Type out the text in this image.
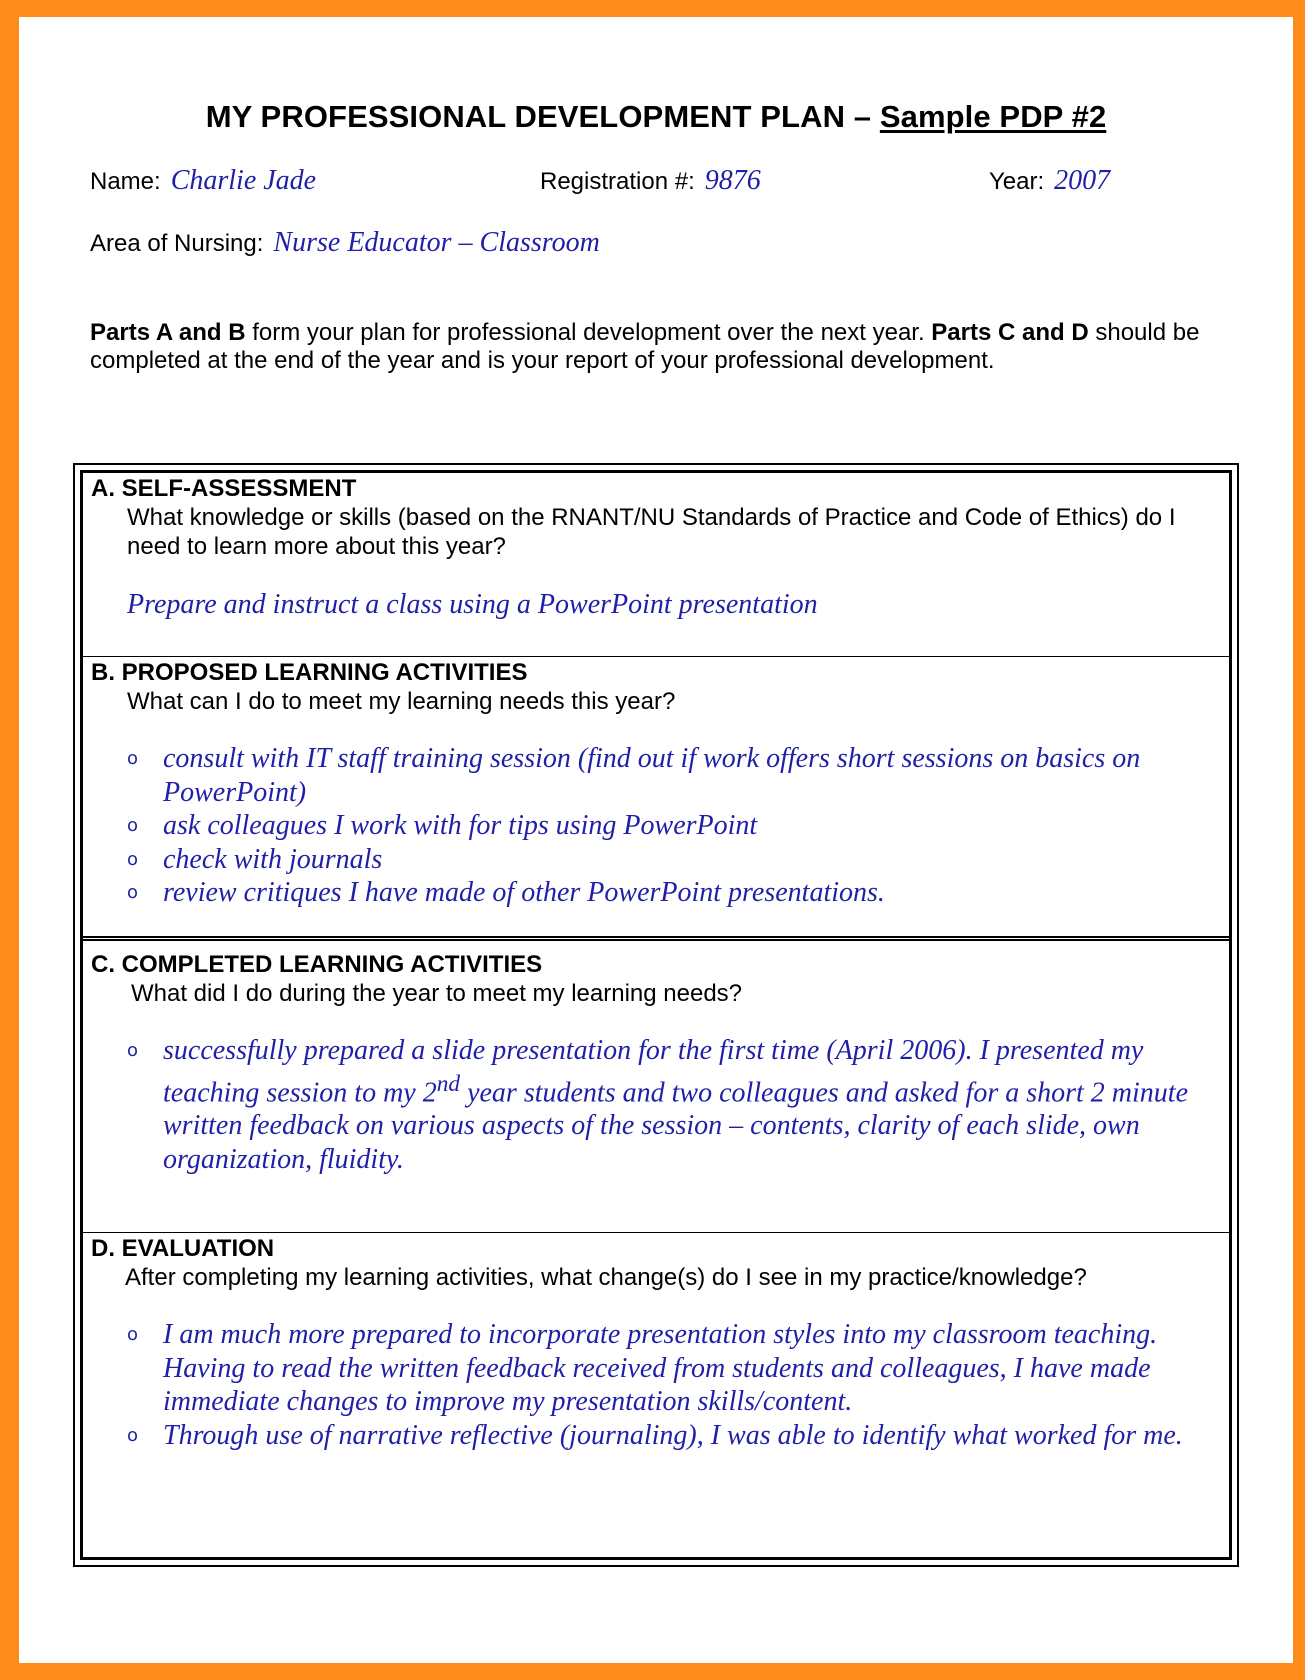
MY PROFESSIONAL DEVELOPMENT PLAN – Sample PDP #2
Name: Charlie Jade	Registration #: 9876	Year: 2007
Area of Nursing: Nurse Educator – Classroom
Parts A and B form your plan for professional development over the next year. Parts C and D should be completed at the end of the year and is your report of your professional development.
A. SELF-ASSESSMENT
What knowledge or skills (based on the RNANT/NU Standards of Practice and Code of Ethics) do I need to learn more about this year?
Prepare and instruct a class using a PowerPoint presentation
B. PROPOSED LEARNING ACTIVITIES
What can I do to meet my learning needs this year?
o consult with IT staff training session (find out if work offers short sessions on basics on PowerPoint)
o ask colleagues I work with for tips using PowerPoint
o check with journals
o review critiques I have made of other PowerPoint presentations.
C. COMPLETED LEARNING ACTIVITIES
What did I do during the year to meet my learning needs?
o successfully prepared a slide presentation for the first time (April 2006). I presented my teaching session to my 2nd year students and two colleagues and asked for a short 2 minute written feedback on various aspects of the session – contents, clarity of each slide, own organization, fluidity.
D. EVALUATION
After completing my learning activities, what change(s) do I see in my practice/knowledge?
o I am much more prepared to incorporate presentation styles into my classroom teaching. Having to read the written feedback received from students and colleagues, I have made immediate changes to improve my presentation skills/content.
o Through use of narrative reflective (journaling), I was able to identify what worked for me.
